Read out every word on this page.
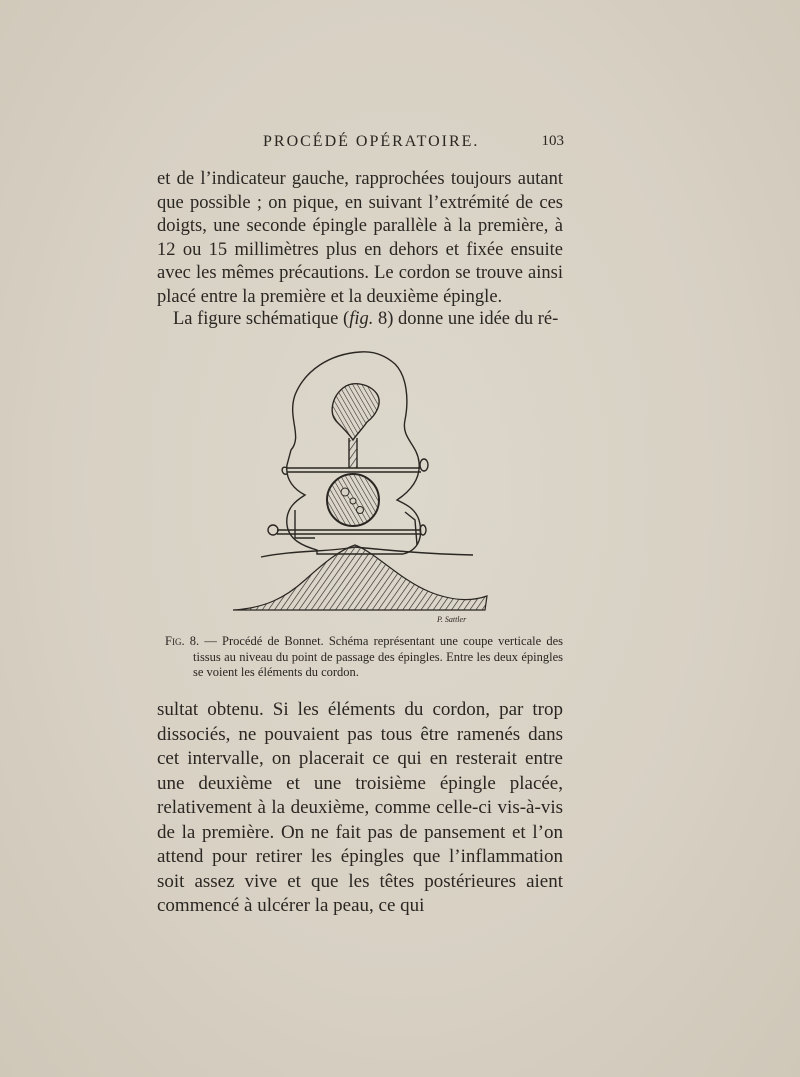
PROCÉDÉ OPÉRATOIRE.	103

et de l’indicateur gauche, rapprochées toujours autant que possible ; on pique, en suivant l’extrémité de ces doigts, une seconde épingle parallèle à la première, à 12 ou 15 millimètres plus en dehors et fixée ensuite avec les mêmes précautions. Le cordon se trouve ainsi placé entre la première et la deuxième épingle.

La figure schématique (fig. 8) donne une idée du ré-

P. Sattler
Fig. 8. — Procédé de Bonnet. Schéma représentant une coupe verticale des tissus au niveau du point de passage des épingles. Entre les deux épingles se voient les éléments du cordon.

sultat obtenu. Si les éléments du cordon, par trop dissociés, ne pouvaient pas tous être ramenés dans cet intervalle, on placerait ce qui en resterait entre une deuxième et une troisième épingle placée, relativement à la deuxième, comme celle-ci vis-à-vis de la première. On ne fait pas de pansement et l’on attend pour retirer les épingles que l’inflammation soit assez vive et que les têtes postérieures aient commencé à ulcérer la peau, ce qui
